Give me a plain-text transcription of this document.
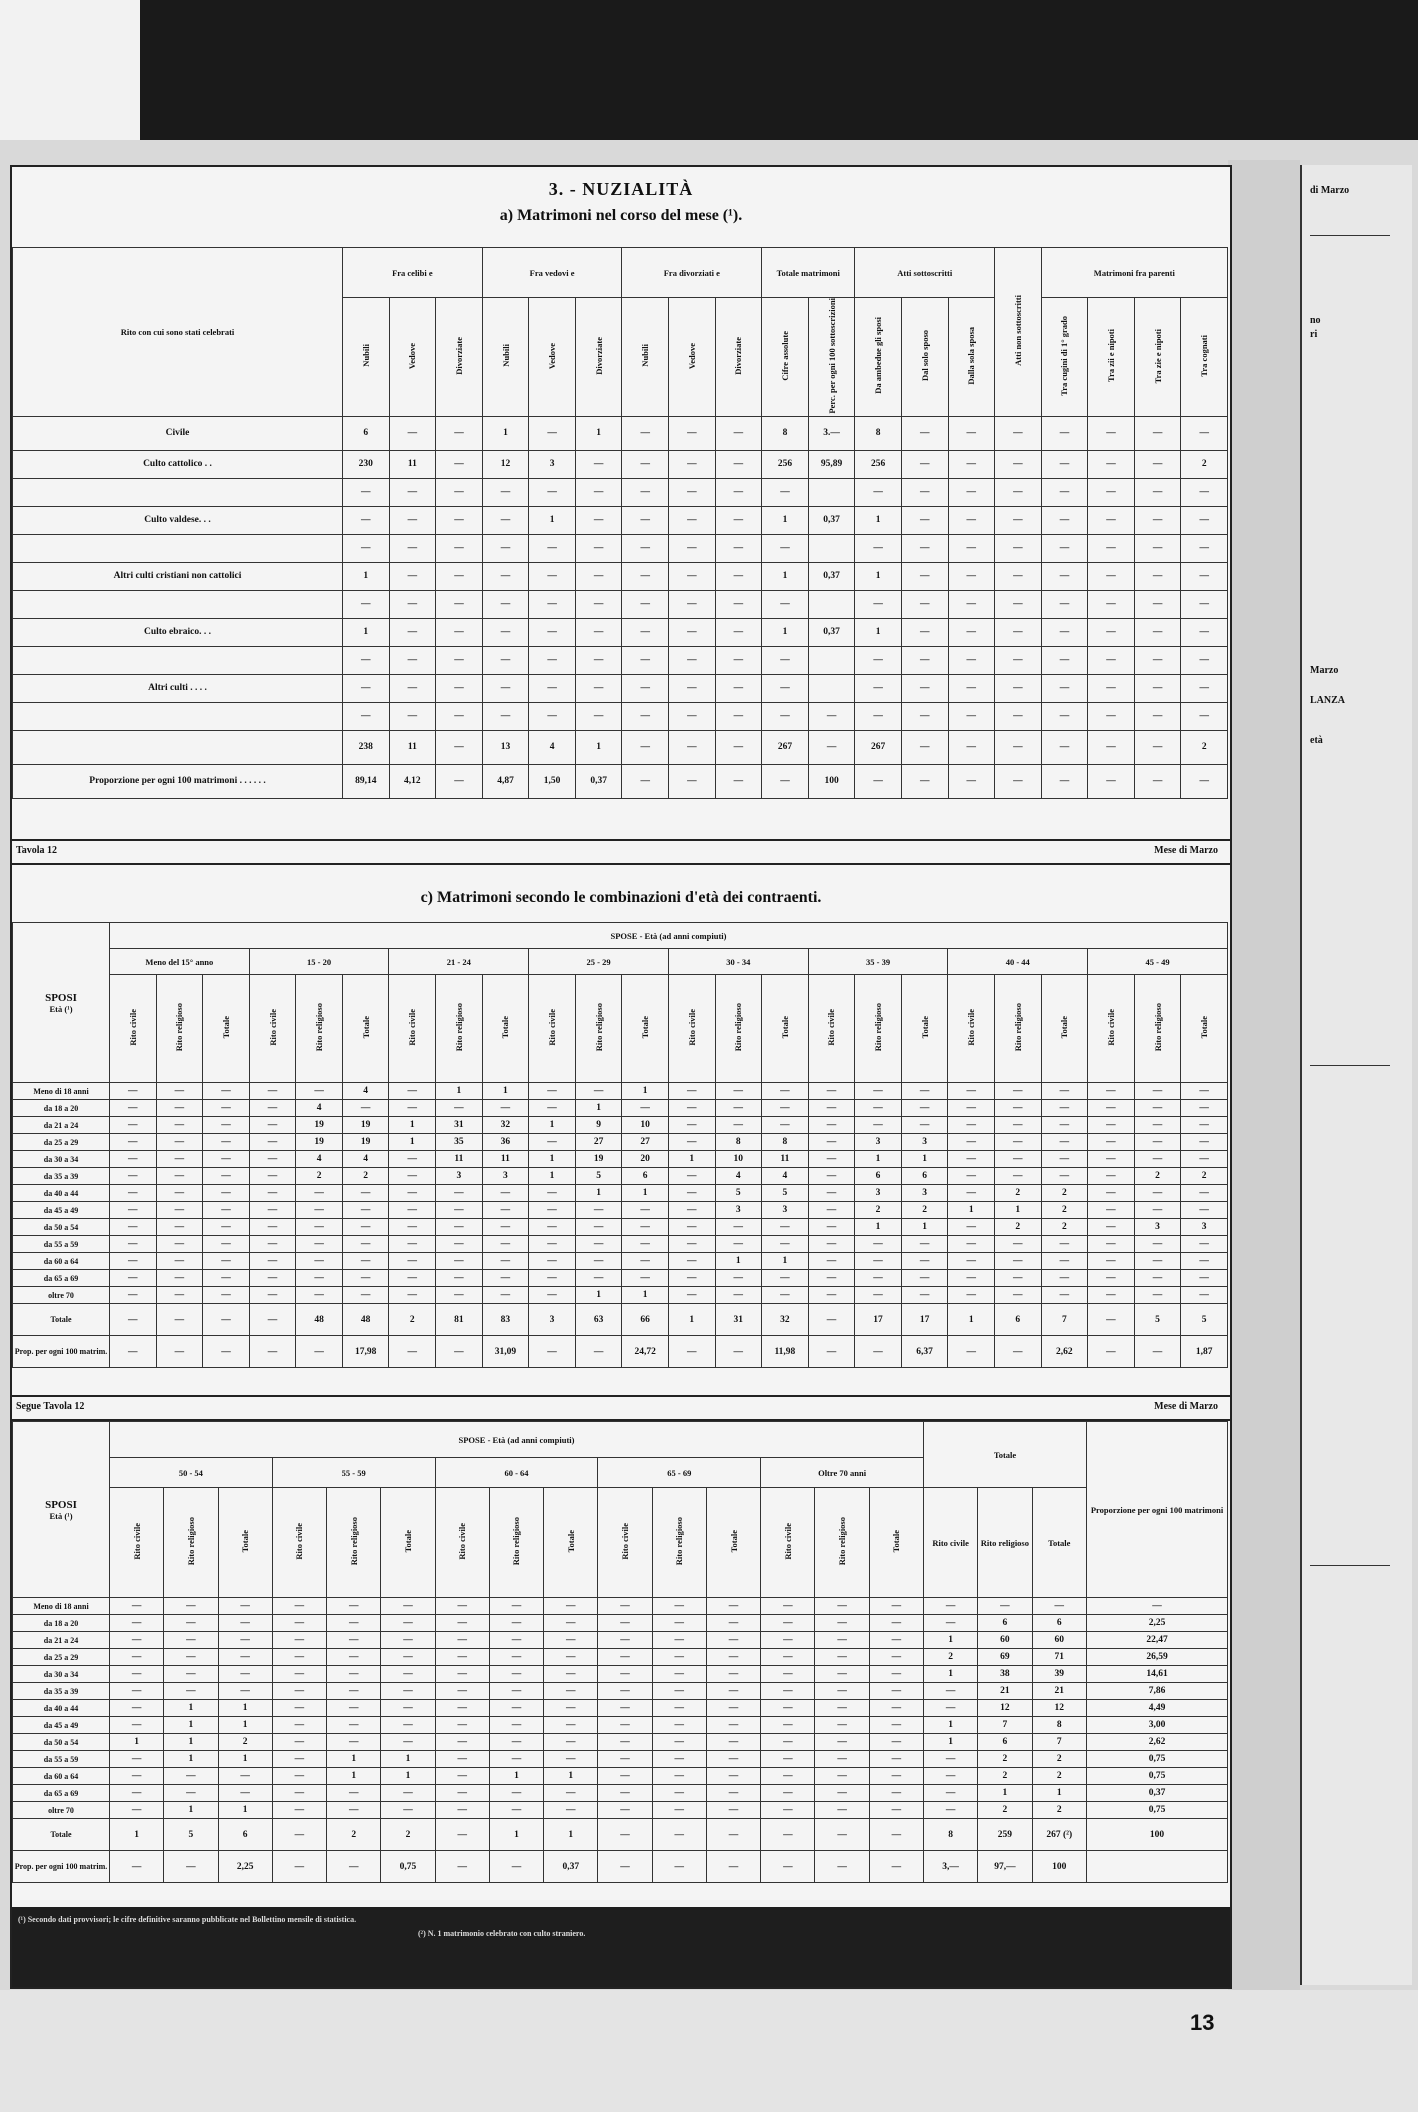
di Marzo
no
ri
Marzo
LANZA
età
3. - NUZIALITÀ
a) Matrimoni nel corso del mese (¹).
Rito con cui sono stati celebrati	Fra celibi e			Fra vedovi e			Fra divorziati e			Totale matrimoni		Atti sottoscritti			Atti non sottoscritti	Matrimoni fra parenti			
	Nubili	Vedove	Divorziate	Nubili	Vedove	Divorziate	Nubili	Vedove	Divorziate	Cifre assolute	Perc. per ogni 100 sottoscrizioni	Da ambedue gli sposi	Dal solo sposo	Dalla sola sposa		Tra cugini di 1° grado	Tra zii e nipoti	Tra zie e nipoti	Tra cognati
Civile		6	—	—	1	—	1	—	—	—	8	3.—	8	—	—	—	—	—	—	—
Culto cattolico . .		230	11	—	12	3	—	—	—	—	256	95,89	256	—	—	—	—	—	—	2
		—	—	—	—	—	—	—	—	—	—		—	—	—	—	—	—	—	—
Culto valdese. . .		—	—	—	—	1	—	—	—	—	1	0,37	1	—	—	—	—	—	—	—
		—	—	—	—	—	—	—	—	—	—		—	—	—	—	—	—	—	—
Altri culti cristiani non cattolici		1	—	—	—	—	—	—	—	—	1	0,37	1	—	—	—	—	—	—	—
		—	—	—	—	—	—	—	—	—	—		—	—	—	—	—	—	—	—
Culto ebraico. . .		1	—	—	—	—	—	—	—	—	1	0,37	1	—	—	—	—	—	—	—
		—	—	—	—	—	—	—	—	—	—		—	—	—	—	—	—	—	—
Altri culti . . . .		—	—	—	—	—	—	—	—	—	—		—	—	—	—	—	—	—	—
		—	—	—	—	—	—	—	—	—	—	—	—	—	—	—	—	—	—	—
		238	11	—	13	4	1	—	—	—	267	—	267	—	—	—	—	—	—	2
Proporzione per ogni 100 matrimoni . . . . . .		89,14	4,12	—	4,87	1,50	0,37	—	—	—	—	100	—	—	—	—	—	—	—	—
Tavola 12	Mese di Marzo
c) Matrimoni secondo le combinazioni d'età dei contraenti.
SPOSI
Età (¹)	SPOSE - Età (ad anni compiuti)																							
	Meno del 15° anno			15 - 20			21 - 24			25 - 29			30 - 34			35 - 39			40 - 44			45 - 49		
	Rito civile	Rito religioso	Totale	Rito civile	Rito religioso	Totale	Rito civile	Rito religioso	Totale	Rito civile	Rito religioso	Totale	Rito civile	Rito religioso	Totale	Rito civile	Rito religioso	Totale	Rito civile	Rito religioso	Totale	Rito civile	Rito religioso	Totale
Meno di 18 anni	—	—	—	—	—	4	—	1	1	—	—	1	—	—	—	—	—	—	—	—	—	—	—	—
da 18 a 20	—	—	—	—	4	—	—	—	—	—	1	—	—	—	—	—	—	—	—	—	—	—	—	—
da 21 a 24	—	—	—	—	19	19	1	31	32	1	9	10	—	—	—	—	—	—	—	—	—	—	—	—
da 25 a 29	—	—	—	—	19	19	1	35	36	—	27	27	—	8	8	—	3	3	—	—	—	—	—	—
da 30 a 34	—	—	—	—	4	4	—	11	11	1	19	20	1	10	11	—	1	1	—	—	—	—	—	—
da 35 a 39	—	—	—	—	2	2	—	3	3	1	5	6	—	4	4	—	6	6	—	—	—	—	2	2
da 40 a 44	—	—	—	—	—	—	—	—	—	—	1	1	—	5	5	—	3	3	—	2	2	—	—	—
da 45 a 49	—	—	—	—	—	—	—	—	—	—	—	—	—	3	3	—	2	2	1	1	2	—	—	—
da 50 a 54	—	—	—	—	—	—	—	—	—	—	—	—	—	—	—	—	1	1	—	2	2	—	3	3
da 55 a 59	—	—	—	—	—	—	—	—	—	—	—	—	—	—	—	—	—	—	—	—	—	—	—	—
da 60 a 64	—	—	—	—	—	—	—	—	—	—	—	—	—	1	1	—	—	—	—	—	—	—	—	—
da 65 a 69	—	—	—	—	—	—	—	—	—	—	—	—	—	—	—	—	—	—	—	—	—	—	—	—
oltre 70	—	—	—	—	—	—	—	—	—	—	1	1	—	—	—	—	—	—	—	—	—	—	—	—
Totale	—	—	—	—	48	48	2	81	83	3	63	66	1	31	32	—	17	17	1	6	7	—	5	5
Prop. per ogni 100 matrim.	—	—	—	—	—	17,98	—	—	31,09	—	—	24,72	—	—	11,98	—	—	6,37	—	—	2,62	—	—	1,87
Segue Tavola 12	Mese di Marzo
SPOSI
Età (¹)	SPOSE - Età (ad anni compiuti)															Totale			Proporzione per ogni 100 matrimoni
	50 - 54			55 - 59			60 - 64			65 - 69			Oltre 70 anni						
	Rito civile	Rito religioso	Totale	Rito civile	Rito religioso	Totale	Rito civile	Rito religioso	Totale	Rito civile	Rito religioso	Totale	Rito civile	Rito religioso	Totale	Rito civile	Rito religioso	Totale	
Meno di 18 anni	—	—	—	—	—	—	—	—	—	—	—	—	—	—	—	—	—	—	—
da 18 a 20	—	—	—	—	—	—	—	—	—	—	—	—	—	—	—	—	6	6	2,25
da 21 a 24	—	—	—	—	—	—	—	—	—	—	—	—	—	—	—	1	60	60	22,47
da 25 a 29	—	—	—	—	—	—	—	—	—	—	—	—	—	—	—	2	69	71	26,59
da 30 a 34	—	—	—	—	—	—	—	—	—	—	—	—	—	—	—	1	38	39	14,61
da 35 a 39	—	—	—	—	—	—	—	—	—	—	—	—	—	—	—	—	21	21	7,86
da 40 a 44	—	1	1	—	—	—	—	—	—	—	—	—	—	—	—	—	12	12	4,49
da 45 a 49	—	1	1	—	—	—	—	—	—	—	—	—	—	—	—	1	7	8	3,00
da 50 a 54	1	1	2	—	—	—	—	—	—	—	—	—	—	—	—	1	6	7	2,62
da 55 a 59	—	1	1	—	1	1	—	—	—	—	—	—	—	—	—	—	2	2	0,75
da 60 a 64	—	—	—	—	1	1	—	1	1	—	—	—	—	—	—	—	2	2	0,75
da 65 a 69	—	—	—	—	—	—	—	—	—	—	—	—	—	—	—	—	1	1	0,37
oltre 70	—	1	1	—	—	—	—	—	—	—	—	—	—	—	—	—	2	2	0,75
Totale	1	5	6	—	2	2	—	1	1	—	—	—	—	—	—	8	259	267 (²)	100
Prop. per ogni 100 matrim.	—	—	2,25	—	—	0,75	—	—	0,37	—	—	—	—	—	—	3,—	97,—	100	
(¹) Secondo dati provvisori; le cifre definitive saranno pubblicate nel Bollettino mensile di statistica.
(²) N. 1 matrimonio celebrato con culto straniero.
13
